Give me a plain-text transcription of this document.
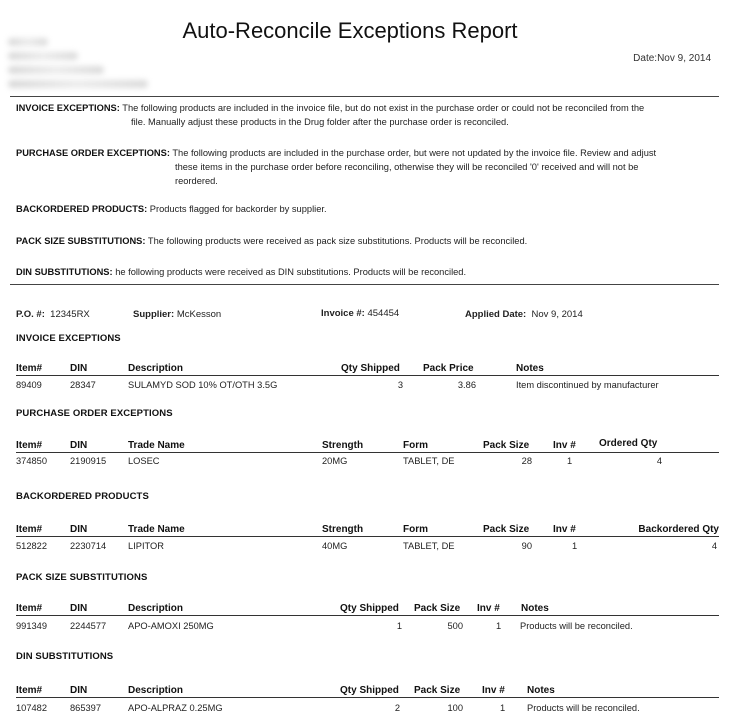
Auto-Reconcile Exceptions Report
Date:Nov 9, 2014
INVOICE EXCEPTIONS: The following products are included in the invoice file, but do not exist in the purchase order or could not be reconciled from the
file. Manually adjust these products in the Drug folder after the purchase order is reconciled.
PURCHASE ORDER EXCEPTIONS: The following products are included in the purchase order, but were not updated by the invoice file. Review and adjust
these items in the purchase order before reconciling, otherwise they will be reconciled '0' received and will not be
reordered.
BACKORDERED PRODUCTS: Products flagged for backorder by supplier.
PACK SIZE SUBSTITUTIONS: The following products were received as pack size substitutions. Products will be reconciled.
DIN SUBSTITUTIONS: he following products were received as DIN substitutions. Products will be reconciled.
P.O. #: 12345RX	Supplier: McKesson	Invoice #: 454454	Applied Date: Nov 9, 2014
INVOICE EXCEPTIONS
Item#	DIN	Description	Qty Shipped Pack Price	Notes
89409	28347	SULAMYD SOD 10% OT/OTH 3.5G	3	3.86	Item discontinued by manufacturer
PURCHASE ORDER EXCEPTIONS
Item#	DIN	Trade Name	Strength	Form	Pack Size Inv # Ordered Qty
374850 2190915 LOSEC	20MG	TABLET, DE	28	1	4
BACKORDERED PRODUCTS
Item#	DIN	Trade Name	Strength	Form	Pack Size Inv #	Backordered Qty
512822 2230714 LIPITOR	40MG	TABLET, DE	90	1	4
PACK SIZE SUBSTITUTIONS
Item#	DIN	Description	Qty Shipped Pack Size Inv # Notes
991349 2244577 APO-AMOXI 250MG	1	500	1 Products will be reconciled.
DIN SUBSTITUTIONS
Item#	DIN	Description	Qty Shipped Pack Size Inv # Notes
107482 865397	APO-ALPRAZ 0.25MG	2	100	1 Products will be reconciled.
